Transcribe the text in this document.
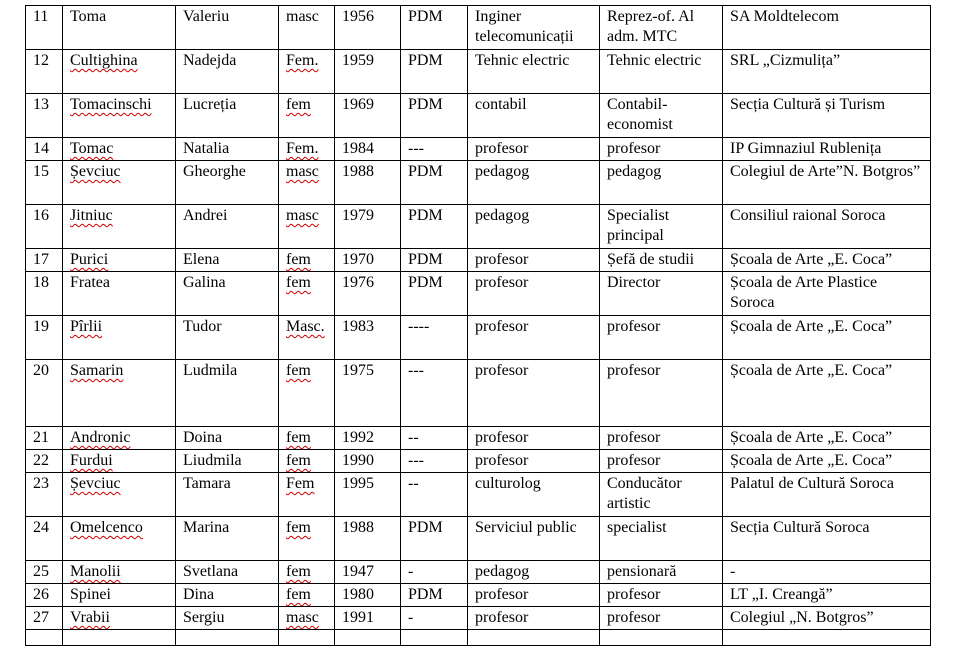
11	Toma	Valeriu	masc	1956	PDM	Inginer telecomunicații	Reprez-of. Al adm. MTC	SA Moldtelecom
12	Cultighina	Nadejda	Fem.	1959	PDM	Tehnic electric	Tehnic electric	SRL „Cizmulița”
13	Tomacinschi	Lucreția	fem	1969	PDM	contabil	Contabil-economist	Secția Cultură și Turism
14	Tomac	Natalia	Fem.	1984	---	profesor	profesor	IP Gimnaziul Rublenița
15	Șevciuc	Gheorghe	masc	1988	PDM	pedagog	pedagog	Colegiul de Arte”N. Botgros”
16	Jitniuc	Andrei	masc	1979	PDM	pedagog	Specialist principal	Consiliul raional Soroca
17	Purici	Elena	fem	1970	PDM	profesor	Șefă de studii	Școala de Arte „E. Coca”
18	Fratea	Galina	fem	1976	PDM	profesor	Director	Școala de Arte Plastice Soroca
19	Pîrlii	Tudor	Masc.	1983	----	profesor	profesor	Școala de Arte „E. Coca”
20	Samarin	Ludmila	fem	1975	---	profesor	profesor	Școala de Arte „E. Coca”
21	Andronic	Doina	fem	1992	--	profesor	profesor	Școala de Arte „E. Coca”
22	Furdui	Liudmila	fem	1990	---	profesor	profesor	Școala de Arte „E. Coca”
23	Șevciuc	Tamara	Fem	1995	--	culturolog	Conducător artistic	Palatul de Cultură Soroca
24	Omelcenco	Marina	fem	1988	PDM	Serviciul public	specialist	Secția Cultură Soroca
25	Manolii	Svetlana	fem	1947	-	pedagog	pensionară	-
26	Spinei	Dina	fem	1980	PDM	profesor	profesor	LT „I. Creangă”
27	Vrabii	Sergiu	masc	1991	-	profesor	profesor	Colegiul „N. Botgros”
